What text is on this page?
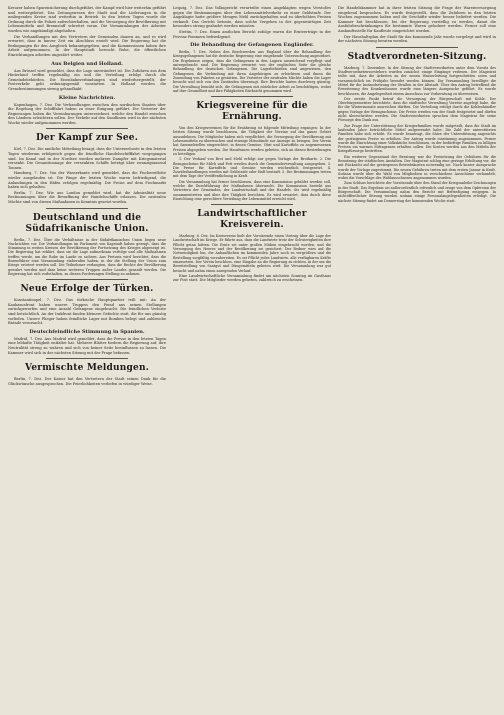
Kreuzer haben Spurensicherung durchgeführt, der Kampf wird hier weiterhin geführt und weitergeleitet. Das Zeitungswesen der Stadt und die Lieferungen in die umliegenden Kreise sind weiterhin in Betrieb. In den letzten Tagen wurde die Ordnung durch die Polizei aufrechterhalten, und die Versorgung der Bevölkerung mit Lebensmitteln und Brennstoff schreitet voran. Die Versammlungen der Arbeiter wurden wie angekündigt abgehalten.

Die Verhandlungen mit den Vertretern der Gemeinden dauern an, und es wird erwartet, dass in kurzer Zeit ein Abschluss erzielt wird. Die Regierung hat die Bedingungen für den Ausgleich bekanntgegeben, und die Kommissionen haben ihre Arbeit aufgenommen. In der Hauptstadt herrscht Ruhe, die öffentlichen Einrichtungen arbeiten ungestört weiter.

Aus Belgien und Holland.

Aus Brüssel wird gemeldet, dass die Lage unverändert ist. Die Zufuhren aus dem Hinterland treffen regelmäßig ein und die Verteilung erfolgt durch die Gemeindebehörden. Die Eisenbahnverbindungen sind wiederhergestellt, der Postverkehr geht ordnungsgemäß vonstatten. In Holland werden die Grenzbestimmungen streng gehandhabt.

Kleine Nachrichten.

Kopenhagen, 7. Dez. Die Verhandlungen zwischen den nordischen Staaten über die Regelung der Schifffahrt haben zu einer Einigung geführt. Die Vertreter der Regierungen haben die Vereinbarungen unterzeichnet, welche den Handel zwischen den Ländern erleichtern sollen. Der Verkehr auf den Sundlinien wird in der nächsten Woche wieder aufgenommen werden.

Der Kampf zur See.

Kiel, 7. Dez. Die amtliche Mitteilung besagt, dass die Unterseeboote in den letzten Tagen wiederum erfolgreich gegen die feindliche Handelsschifffahrt vorgegangen sind. Im Kanal und in der Nordsee wurden mehrere Dampfer mit Kriegsmaterial versenkt. Die Gesamttonnage der versenkten Schiffe beträgt über zwanzigtausend Tonnen.

Hamburg, 7. Dez. Von der Wasserkante wird gemeldet, dass die Fischereiflotte wieder ausgelaufen ist. Die Fänge der letzten Woche waren befriedigend, die Anlandungen in den Häfen erfolgen regelmäßig. Die Preise auf dem Fischmarkt haben sich gehalten.

Berlin, 7. Dez. Wie aus London gemeldet wird, hat die Admiralität neue Bestimmungen über die Bewaffnung der Handelsschiffe erlassen. Die neutralen Mächte sind von diesen Maßnahmen in Kenntnis gesetzt worden.

Deutschland und die Südafrikanische Union.

Berlin, 7. Dez. Über die Verhältnisse in der Südafrikanischen Union liegen neue Nachrichten vor. Die Verhandlungen im Parlament von Kapstadt haben gezeigt, dass die Stimmung in weiten Kreisen der Bevölkerung der Fortsetzung des Krieges abgeneigt ist. Die Regierung hat erklärt, dass sie die Lage aufmerksam verfolge und alle Maßnahmen treffen werde, um die Ruhe im Lande zu sichern. Aus Pretoria wird berichtet, dass die Burenführer eine Versammlung einberufen haben, in der die Stellung der Union zum Kriege erörtert werden soll. Die Teilnehmer verlangten, dass die Rechte der Bevölkerung gewahrt werden und dass keine weiteren Truppen außer Landes gesandt werden. Die Regierung hat sich vorbehalten, zu diesen Forderungen Stellung zu nehmen.

Neue Erfolge der Türken.

Konstantinopel, 7. Dez. Das türkische Hauptquartier teilt mit: An der Kaukasusfront haben unsere Truppen den Feind aus seinen Stellungen zurückgeworfen und eine Anzahl Gefangene eingebracht. Die feindlichen Verluste sind beträchtlich. An der Irakfront fanden kleinere Gefechte statt, die für uns günstig verliefen. Unsere Flieger haben feindliche Lager mit Bomben belegt und zahlreiche Brände verursacht.

Deutschfeindliche Stimmung in Spanien.

Madrid, 7. Dez. Aus Madrid wird gemeldet, dass die Presse in den letzten Tagen eine lebhafte Tätigkeit entfaltet hat. Mehrere Blätter fordern die Regierung auf, ihre Neutralität streng zu wahren und sich von keiner Seite beeinflussen zu lassen. Die Kammer wird sich in der nächsten Sitzung mit der Frage befassen.

Vermischte Meldungen.

Berlin, 7. Dez. Der Kaiser hat den Vertretern der Stadt seinen Dank für die Glückwünsche ausgesprochen. Die Feierlichkeiten verliefen in würdiger Weise.

Leipzig, 7. Dez. Das Volksgericht verurteilte einen Angeklagten wegen Verstoßes gegen die Bestimmungen über den Lebensmittelverkehr zu einer Geldstrafe. Der Angeklagte hatte größere Mengen Mehl zurückgehalten und zu überhöhten Preisen verkauft. Das Gericht betonte, dass solche Vergehen in der gegenwärtigen Zeit besonders streng geahndet werden müssten.

Stettin, 7. Dez. Einen amtlichen Bericht zufolge waren die Ernteerträge in der Provinz Pommern befriedigend.

Die Behandlung der Gefangenen Engländer.

Berlin, 7. Dez. Neben den Beschwerden aus England über die Behandlung der Kriegsgefangenen hat die deutsche Regierung eine eingehende Untersuchung angeordnet. Die Ergebnisse zeigen, dass die Gefangenen in den Lagern ausreichend verpflegt und untergebracht sind. Die Regierung erwartet von der englischen Seite die gleiche Behandlung der deutschen Gefangenen. Die Lagerbehörden sind angewiesen, den Gefangenen die Verbindung mit ihren Angehörigen zu erleichtern und ihnen die Zusendung von Paketen zu gestatten. Die Vertreter der neutralen Mächte haben die Lager besucht und sich von den Zuständen überzeugt. Ihre Berichte lauten durchweg günstig. Die Verwaltung bemüht sich, die Gefangenen mit nützlicher Arbeit zu beschäftigen, wobei auf ihre Gesundheit und ihre Fähigkeiten Rücksicht genommen wird.

Kriegsvereine für die Ernährung.

Von den Kriegsvereinen für die Ernährung ist folgende Mitteilung ergangen: In der letzten Sitzung wurde beschlossen, die Tätigkeit der Vereine auf das ganze Gebiet auszudehnen. Die Mitglieder haben sich verpflichtet, die Versorgung der Bevölkerung mit Lebensmitteln zu überwachen und etwaige Missstände zur Anzeige zu bringen. Der Verein hat Sammelstellen eingerichtet, in denen Gemüse, Obst und Kartoffeln zu angemessenen Preisen abgegeben werden. Die Hausfrauen werden gebeten, sich an diesen Bestrebungen zu beteiligen.

1. Der Verkauf von Brot und Mehl erfolgt nur gegen Vorlage der Brotkarte. 2. Die Bezugsscheine für Milch und Fett werden durch die Gemeindeverwaltung ausgegeben. 3. Die Preise für Kartoffeln und Gemüse werden wöchentlich festgesetzt. 4. Zuwiderhandlungen werden mit Geldstrafe oder Haft bestraft. 5. Die Bestimmungen treten mit dem Tage der Veröffentlichung in Kraft.

Die Versammlung hat ferner beschlossen, dass eine Kommission gebildet werden soll, welche die Durchführung der Maßnahmen überwacht. Die Kommission besteht aus Vertretern der Gemeinden, der Landwirtschaft und des Handels. Sie wird regelmäßig zusammentreten und über ihre Tätigkeit berichten. Es wird erwartet, dass durch diese Einrichtung eine gerechtere Verteilung der Lebensmittel erreicht wird.

Landwirtschaftlicher Kreisverein.

Marburg, 6. Dez. Im Kreisverein hielt der Vorsitzende einen Vortrag über die Lage der Landwirtschaft im Kriege. Er führte aus, dass die Landwirte trotz der Schwierigkeiten ihre Pflicht getan hätten. Die Ernte sei unter großen Mühen eingebracht worden, und die Versorgung des Heeres und der Bevölkerung sei gesichert. Der Redner wies auf die Notwendigkeit hin, die Anbauflächen im kommenden Jahre noch zu vergrößern und die Bestellung sorgfältig vorzubereiten. Es sei Pflicht jedes Landwirts, alle verfügbaren Kräfte einzusetzen. Der Verein beschloss, eine Eingabe an die Regierung zu richten, in der um die Bereitstellung von Saatgut und Düngemitteln gebeten wird. Die Versammlung war gut besucht und nahm einen anregenden Verlauf.

Eine Landwirtschaftliche Versammlung findet am nächsten Sonntag im Gasthaus zur Post statt. Die Mitglieder werden gebeten, zahlreich zu erscheinen.

Die Handelskammer hat in ihrer letzten Sitzung die Frage der Warenversorgung eingehend besprochen. Es wurde festgestellt, dass die Zufuhren in den letzten Wochen zugenommen haben und die Geschäfte wieder besser beliefert werden. Die Kammer hat beschlossen, bei der Regierung vorstellig zu werden, damit die Ausfuhrbeschränkungen für bestimmte Waren gelockert werden. Ferner soll eine Auskunftsstelle für Kaufleute eingerichtet werden.

Der Haushaltsplan der Stadt für das kommende Jahr wurde vorgelegt und wird in der nächsten Sitzung beraten werden.

Stadtverordneten-Sitzung.

Marburg, 7. Dezember. In der Sitzung der Stadtverordneten unter dem Vorsitz des Stadtverordnetenvorstehers wurden zunächst einige Eingänge verlesen. Der Magistrat teilte mit, dass die Arbeiten an der neuen Wasserleitung fortgeschritten seien und voraussichtlich im Frühjahr beendet werden können. Die Versammlung bewilligte die Mittel für die Instandsetzung der Straßen in der Altstadt. Über den Antrag betreffend die Erweiterung des Krankenhauses wurde eine längere Aussprache geführt. Es wurde beschlossen, die Angelegenheit einem Ausschuss zur Vorberatung zu überweisen.

Der zweite Punkt betraf die Versorgung der Bürgerschaft mit Kohle. Der Oberbürgermeister berichtete, dass die städtische Verwaltung Vorräte angelegt habe, die für die Wintermonate ausreichen dürften. Die Verteilung erfolgt durch die Kohlenhändler gegen Vorlage der Bezugsscheine. Die Preise werden von der Stadt festgesetzt und dürfen nicht überschritten werden. Die Stadtverordneten sprachen dem Magistrat für seine Fürsorge den Dank aus.

Zur Frage der Unterstützung der Kriegerfamilien wurde mitgeteilt, dass die Stadt im laufenden Jahre beträchtliche Mittel aufgewendet habe. Die Zahl der unterstützten Familien habe sich erhöht. Es wurde beantragt, die Sätze der Unterstützung angesichts der gestiegenen Preise zu erhöhen. Der Antrag wurde einstimmig angenommen. Ferner wurde die Einrichtung einer Volksküche beschlossen, in der bedürftige Familien zu billigen Preisen ein warmes Mittagessen erhalten sollen. Die Kosten werden aus den Mitteln der Kriegsfürsorge bestritten.

Ein weiterer Gegenstand der Beratung war die Festsetzung der Gebühren für die Benutzung der städtischen Anstalten. Der Magistrat schlug eine geringe Erhöhung vor, die mit Rücksicht auf die gestiegenen Betriebskosten notwendig sei. Nach kurzer Aussprache wurde der Vorlage zugestimmt. Die neuen Gebühren treten mit dem ersten Januar in Kraft. Sodann wurde über die Wahl von Mitgliedern in verschiedene Ausschüsse verhandelt, wobei die Vorschläge des Wahlausschusses angenommen wurden.

Zum Schluss berichtete der Vorsitzende über den Stand der Kriegsanleihe-Zeichnungen in der Stadt. Das Ergebnis sei außerordentlich erfreulich und zeuge von dem Opfersinn der Bürgerschaft. Die Versammlung nahm den Bericht mit Befriedigung entgegen. In nichtöffentlicher Sitzung wurden sodann einige Personalangelegenheiten erledigt. Die nächste Sitzung findet am Donnerstag der kommenden Woche statt.
